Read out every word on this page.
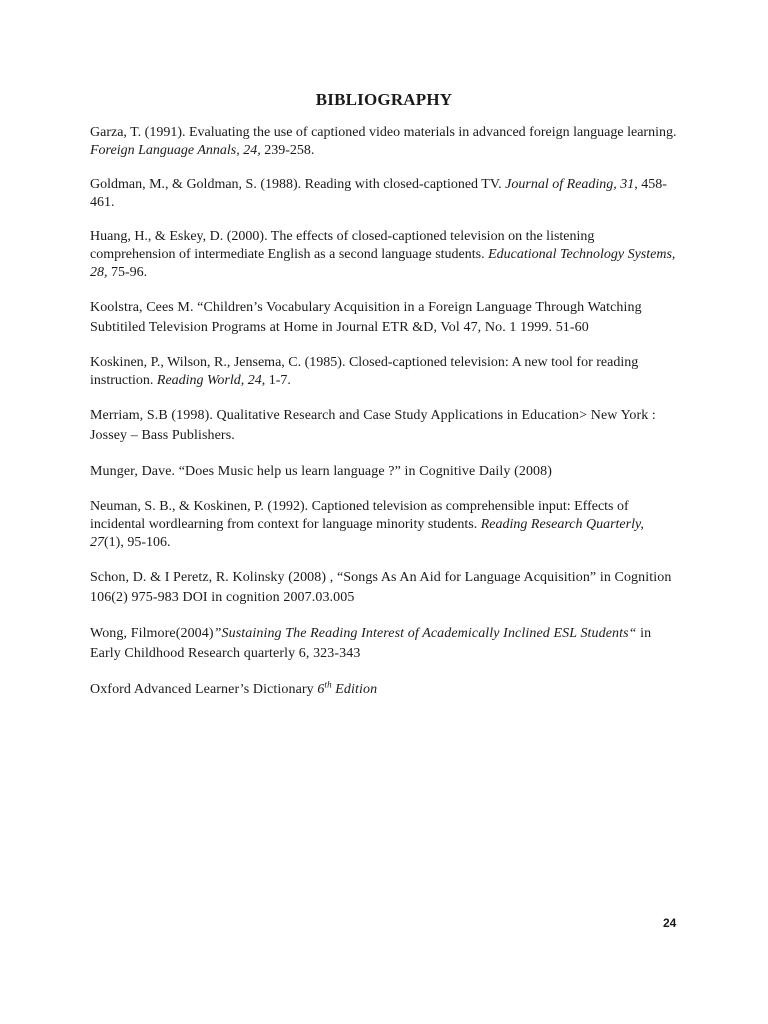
BIBLIOGRAPHY

Garza, T. (1991). Evaluating the use of captioned video materials in advanced foreign language learning. Foreign Language Annals, 24, 239-258.

Goldman, M., & Goldman, S. (1988). Reading with closed-captioned TV. Journal of Reading, 31, 458-461.

Huang, H., & Eskey, D. (2000). The effects of closed-captioned television on the listening comprehension of intermediate English as a second language students. Educational Technology Systems, 28, 75-96.

Koolstra, Cees M. “Children’s Vocabulary Acquisition in a Foreign Language Through Watching Subtitiled Television Programs at Home in Journal ETR &D, Vol 47, No. 1 1999. 51-60

Koskinen, P., Wilson, R., Jensema, C. (1985). Closed-captioned television: A new tool for reading instruction. Reading World, 24, 1-7.

Merriam, S.B (1998). Qualitative Research and Case Study Applications in Education> New York : Jossey – Bass Publishers.

Munger, Dave. “Does Music help us learn language ?” in Cognitive Daily (2008)

Neuman, S. B., & Koskinen, P. (1992). Captioned television as comprehensible input: Effects of incidental wordlearning from context for language minority students. Reading Research Quarterly, 27(1), 95-106.

Schon, D. & I Peretz, R. Kolinsky (2008) , “Songs As An Aid for Language Acquisition” in Cognition 106(2) 975-983 DOI in cognition 2007.03.005

Wong, Filmore(2004)”Sustaining The Reading Interest of Academically Inclined ESL Students“ in Early Childhood Research quarterly 6, 323-343

Oxford Advanced Learner’s Dictionary 6th Edition

24
